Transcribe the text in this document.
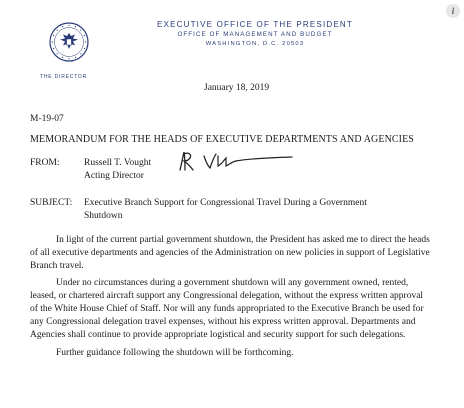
EXECUTIVE OFFICE OF THE PRESIDENT
OFFICE OF MANAGEMENT AND BUDGET
WASHINGTON, D.C. 20503
THE DIRECTOR
i
January 18, 2019
M-19-07
MEMORANDUM FOR THE HEADS OF EXECUTIVE DEPARTMENTS AND AGENCIES
FROM:	Russell T. Vought
Acting Director
SUBJECT: Executive Branch Support for Congressional Travel During a Government Shutdown
In light of the current partial government shutdown, the President has asked me to direct the heads of all executive departments and agencies of the Administration on new policies in support of Legislative Branch travel.
Under no circumstances during a government shutdown will any government owned, rented, leased, or chartered aircraft support any Congressional delegation, without the express written approval of the White House Chief of Staff. Nor will any funds appropriated to the Executive Branch be used for any Congressional delegation travel expenses, without his express written approval. Departments and Agencies shall continue to provide appropriate logistical and security support for such delegations.
Further guidance following the shutdown will be forthcoming.
